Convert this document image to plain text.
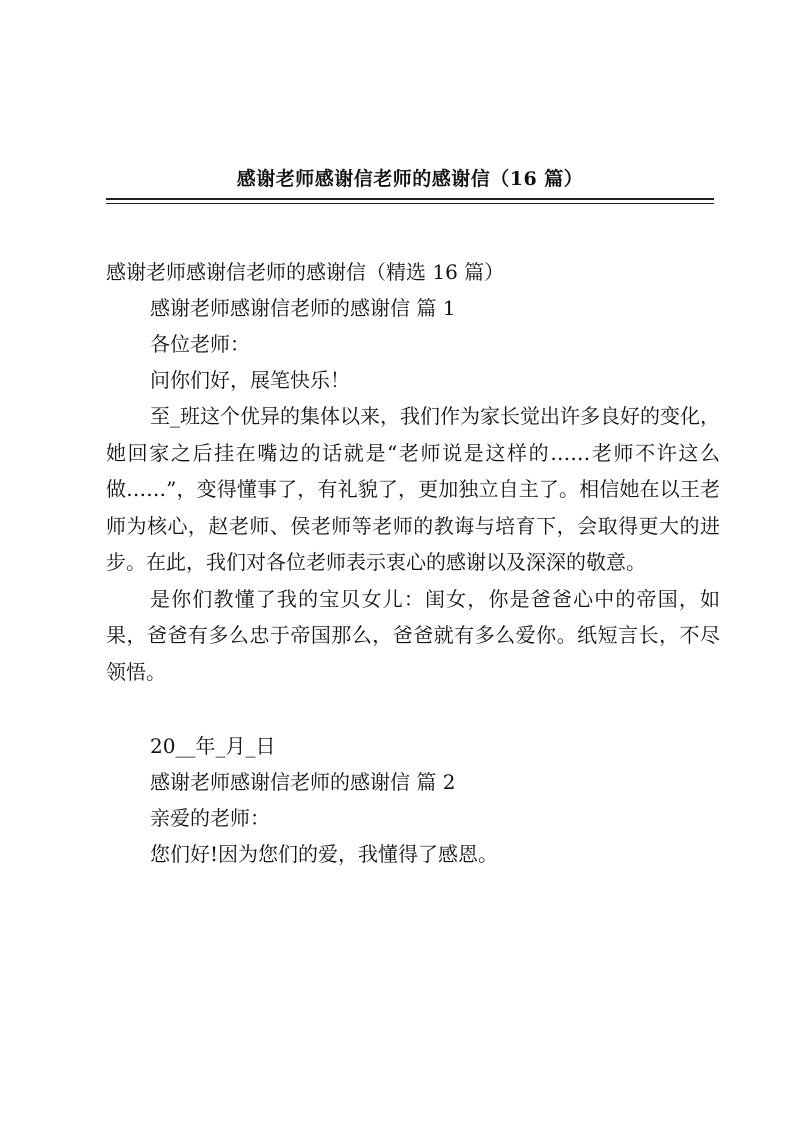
感谢老师感谢信老师的感谢信（16 篇）
感谢老师感谢信老师的感谢信（精选 16 篇）
感谢老师感谢信老师的感谢信 篇 1
各位老师：
问你们好，展笔快乐！

至_班这个优异的集体以来，我们作为家长觉出许多良好的变化，她回家之后挂在嘴边的话就是“老师说是这样的……老师不许这么做……”，变得懂事了，有礼貌了，更加独立自主了。相信她在以王老师为核心，赵老师、侯老师等老师的教诲与培育下，会取得更大的进步。在此，我们对各位老师表示衷心的感谢以及深深的敬意。

是你们教懂了我的宝贝女儿：闺女，你是爸爸心中的帝国，如果，爸爸有多么忠于帝国那么，爸爸就有多么爱你。纸短言长，不尽领悟。

20__年_月_日
感谢老师感谢信老师的感谢信 篇 2
亲爱的老师：
您们好!因为您们的爱，我懂得了感恩。
